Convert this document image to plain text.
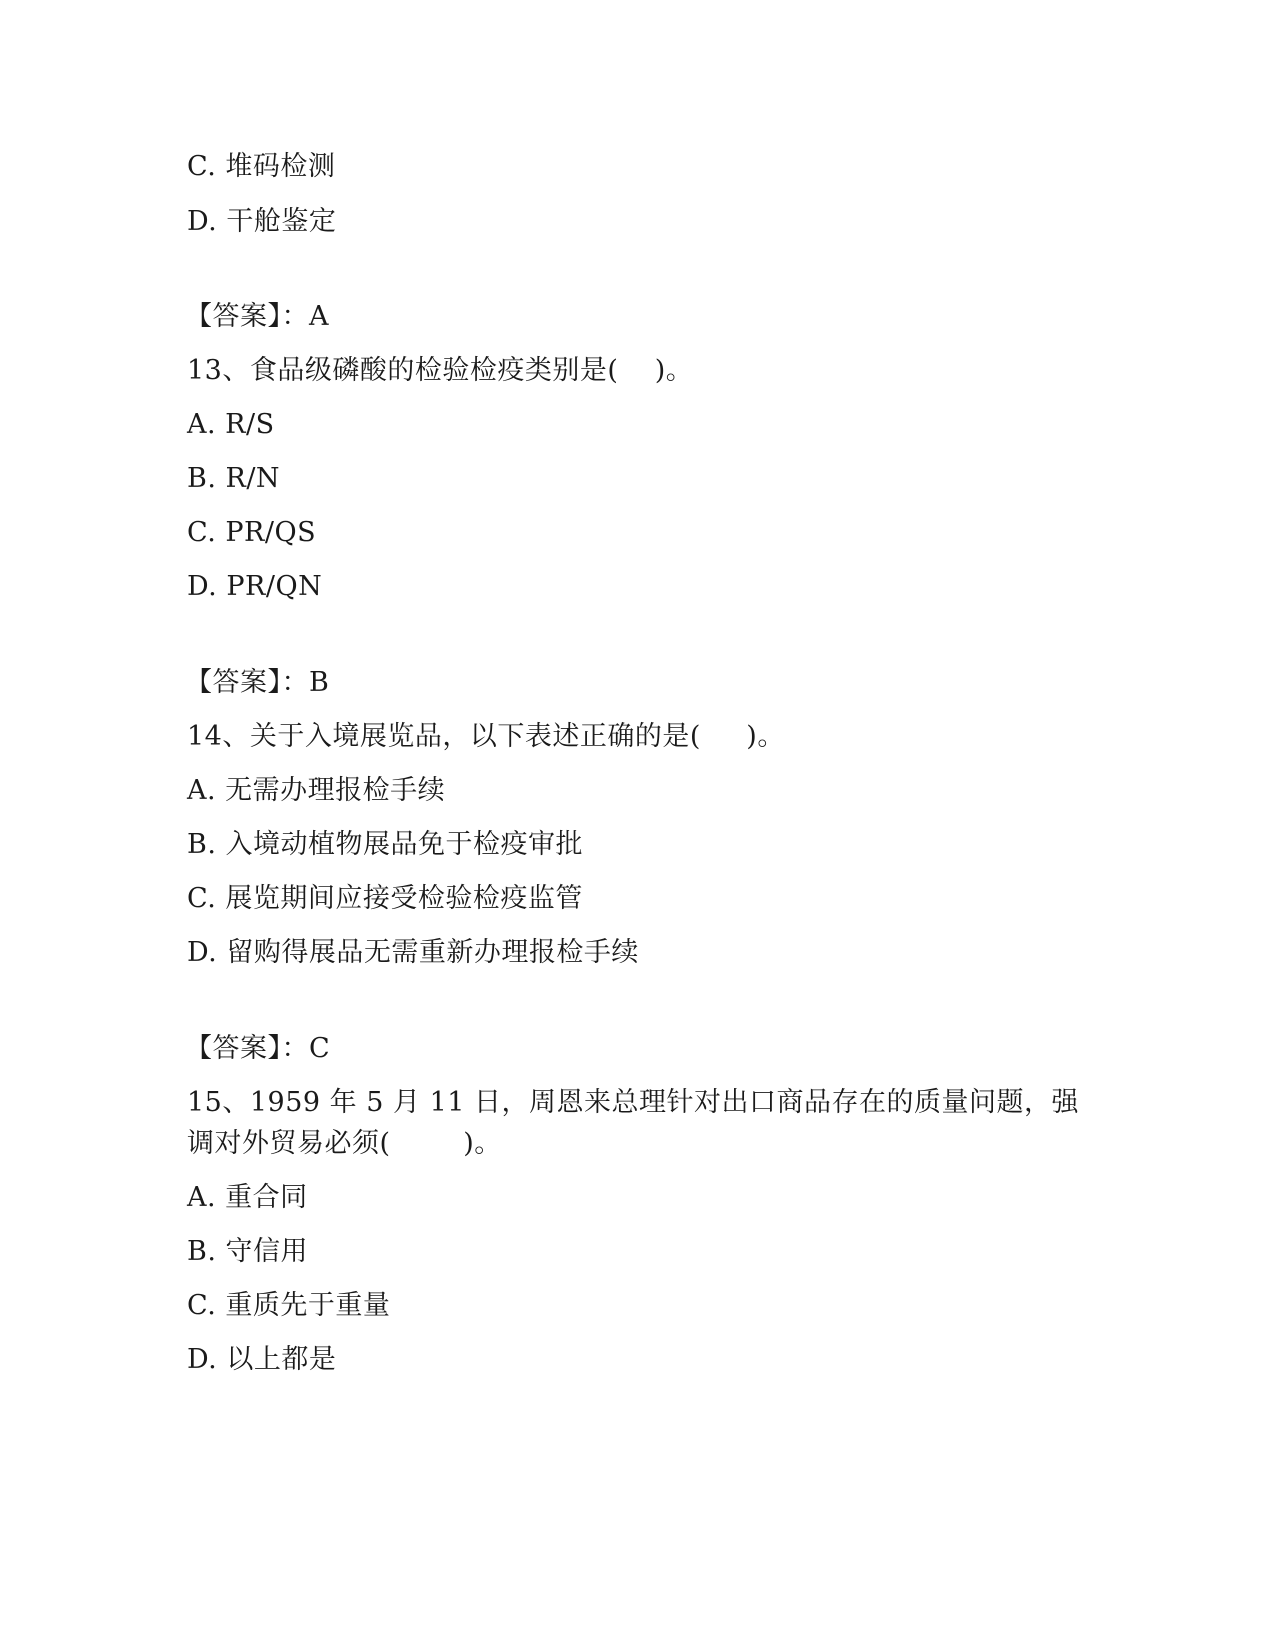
C. 堆码检测
D. 干舱鉴定
【答案】：A
13、食品级磷酸的检验检疫类别是(    )。
A. R/S
B. R/N
C. PR/QS
D. PR/QN
【答案】：B
14、关于入境展览品，以下表述正确的是(     )。
A. 无需办理报检手续
B. 入境动植物展品免于检疫审批
C. 展览期间应接受检验检疫监管
D. 留购得展品无需重新办理报检手续
【答案】：C
15、1959 年 5 月 11 日，周恩来总理针对出口商品存在的质量问题，强
调对外贸易必须(        )。
A. 重合同
B. 守信用
C. 重质先于重量
D. 以上都是
